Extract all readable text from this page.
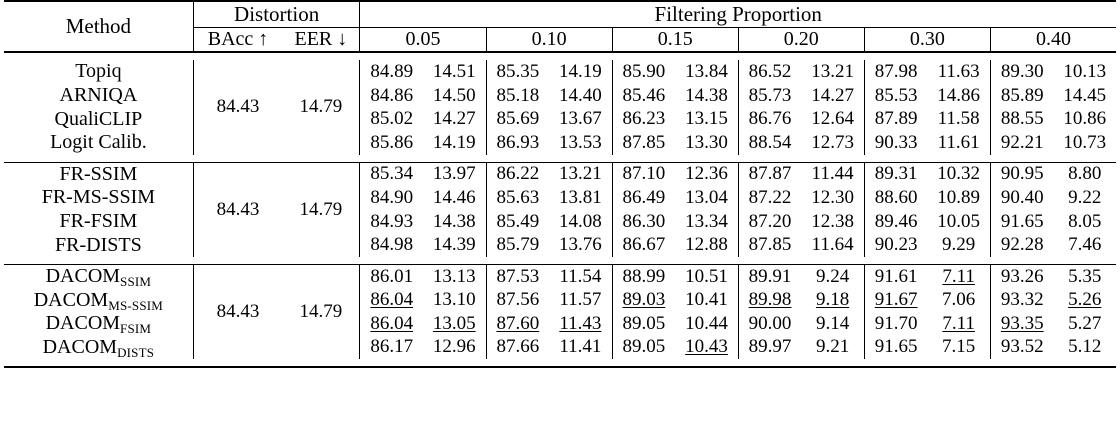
Method	Distortion		Filtering Proportion											
	BAcc ↑	EER ↓	0.05		0.10		0.15		0.20		0.30		0.40	

Topiq	84.43	14.79	84.89	14.51	85.35	14.19	85.90	13.84	86.52	13.21	87.98	11.63	89.30	10.13
ARNIQA			84.86	14.50	85.18	14.40	85.46	14.38	85.73	14.27	85.53	14.86	85.89	14.45
QualiCLIP			85.02	14.27	85.69	13.67	86.23	13.15	86.76	12.64	87.89	11.58	88.55	10.86
Logit Calib.			85.86	14.19	86.93	13.53	87.85	13.30	88.54	12.73	90.33	11.61	92.21	10.73

FR-SSIM	84.43	14.79	85.34	13.97	86.22	13.21	87.10	12.36	87.87	11.44	89.31	10.32	90.95	8.80
FR-MS-SSIM			84.90	14.46	85.63	13.81	86.49	13.04	87.22	12.30	88.60	10.89	90.40	9.22
FR-FSIM			84.93	14.38	85.49	14.08	86.30	13.34	87.20	12.38	89.46	10.05	91.65	8.05
FR-DISTS			84.98	14.39	85.79	13.76	86.67	12.88	87.85	11.64	90.23	9.29	92.28	7.46

$DACOM_{SSIM}$	84.43	14.79	86.01	13.13	87.53	11.54	88.99	10.51	89.91	9.24	91.61	7.11	93.26	5.35
$DACOM_{MS-SSIM}$			86.04	13.10	87.56	11.57	89.03	10.41	89.98	9.18	91.67	7.06	93.32	5.26
$DACOM_{FSIM}$			86.04	13.05	87.60	11.43	89.05	10.44	90.00	9.14	91.70	7.11	93.35	5.27
$DACOM_{DISTS}$			86.17	12.96	87.66	11.41	89.05	10.43	89.97	9.21	91.65	7.15	93.52	5.12
